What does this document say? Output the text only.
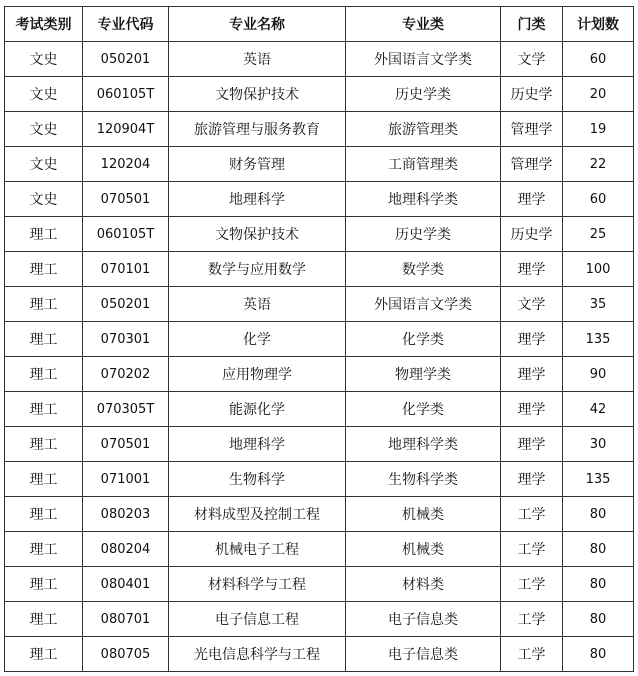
考试类别	专业代码	专业名称	专业类	门类	计划数
文史	050201	英语	外国语言文学类	文学	60
文史	060105T	文物保护技术	历史学类	历史学	20
文史	120904T	旅游管理与服务教育	旅游管理类	管理学	19
文史	120204	财务管理	工商管理类	管理学	22
文史	070501	地理科学	地理科学类	理学	60
理工	060105T	文物保护技术	历史学类	历史学	25
理工	070101	数学与应用数学	数学类	理学	100
理工	050201	英语	外国语言文学类	文学	35
理工	070301	化学	化学类	理学	135
理工	070202	应用物理学	物理学类	理学	90
理工	070305T	能源化学	化学类	理学	42
理工	070501	地理科学	地理科学类	理学	30
理工	071001	生物科学	生物科学类	理学	135
理工	080203	材料成型及控制工程	机械类	工学	80
理工	080204	机械电子工程	机械类	工学	80
理工	080401	材料科学与工程	材料类	工学	80
理工	080701	电子信息工程	电子信息类	工学	80
理工	080705	光电信息科学与工程	电子信息类	工学	80
